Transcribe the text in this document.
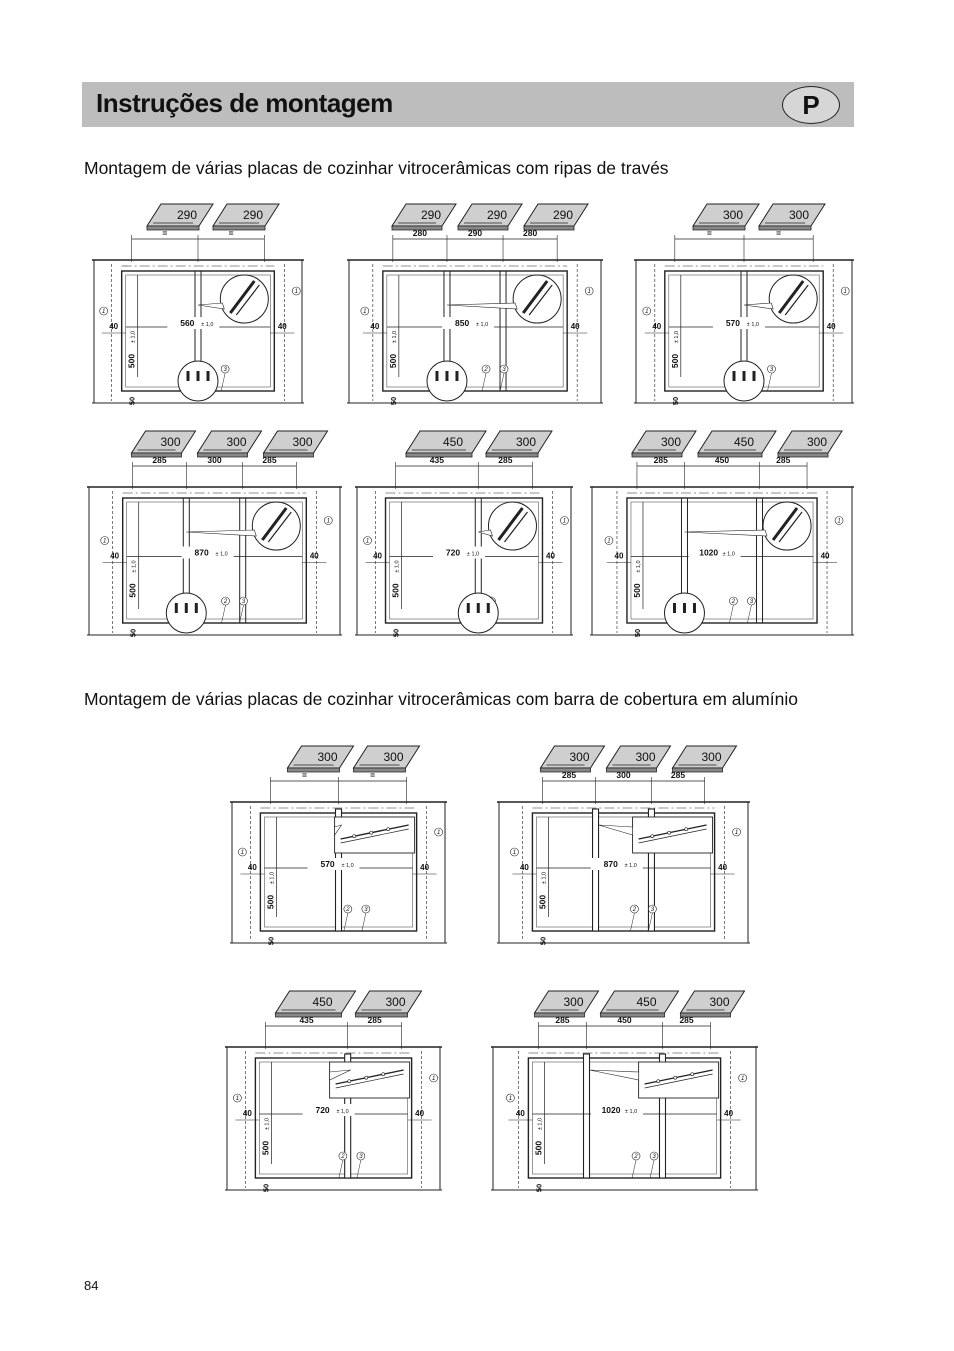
Instruções de montagem	P
Montagem de várias placas de cozinhar vitrocerâmicas com ripas de través
Montagem de várias placas de cozinhar vitrocerâmicas com barra de cobertura em alumínio
290	290
=	=
500
± 1,0
50
560 ± 1,0
40	40
1
1
3
290	290	290
280	290	280
500
± 1,0
50
850 ± 1,0
40	40
1
1
2 3
300	300
=	=
500
± 1,0
50
570 ± 1,0
40	40
1
1
3
300	300	300
285	300	285
500
± 1,0
50
870 ± 1,0
40	40
1
1
2 3
450	300
435	285
500
± 1,0
50
720 ± 1,0
40	40
1
1
300	450	300
285	450	285
500
± 1,0
50
1020 ± 1,0
40	40
1
1
2 3
300	300
=	=
500
± 1,0
50
570 ± 1,0
40	40
1
1
2 3
300	300	300
285	300	285
500
± 1,0
50
870 ± 1,0
40	40
1
1
2 3
450	300
435	285
500
± 1,0
50
720 ± 1,0
40	40
1
1
2 3
300	450	300
285	450	285
500
± 1,0
50
1020 ± 1,0
40	40
1
1
2 3
84
